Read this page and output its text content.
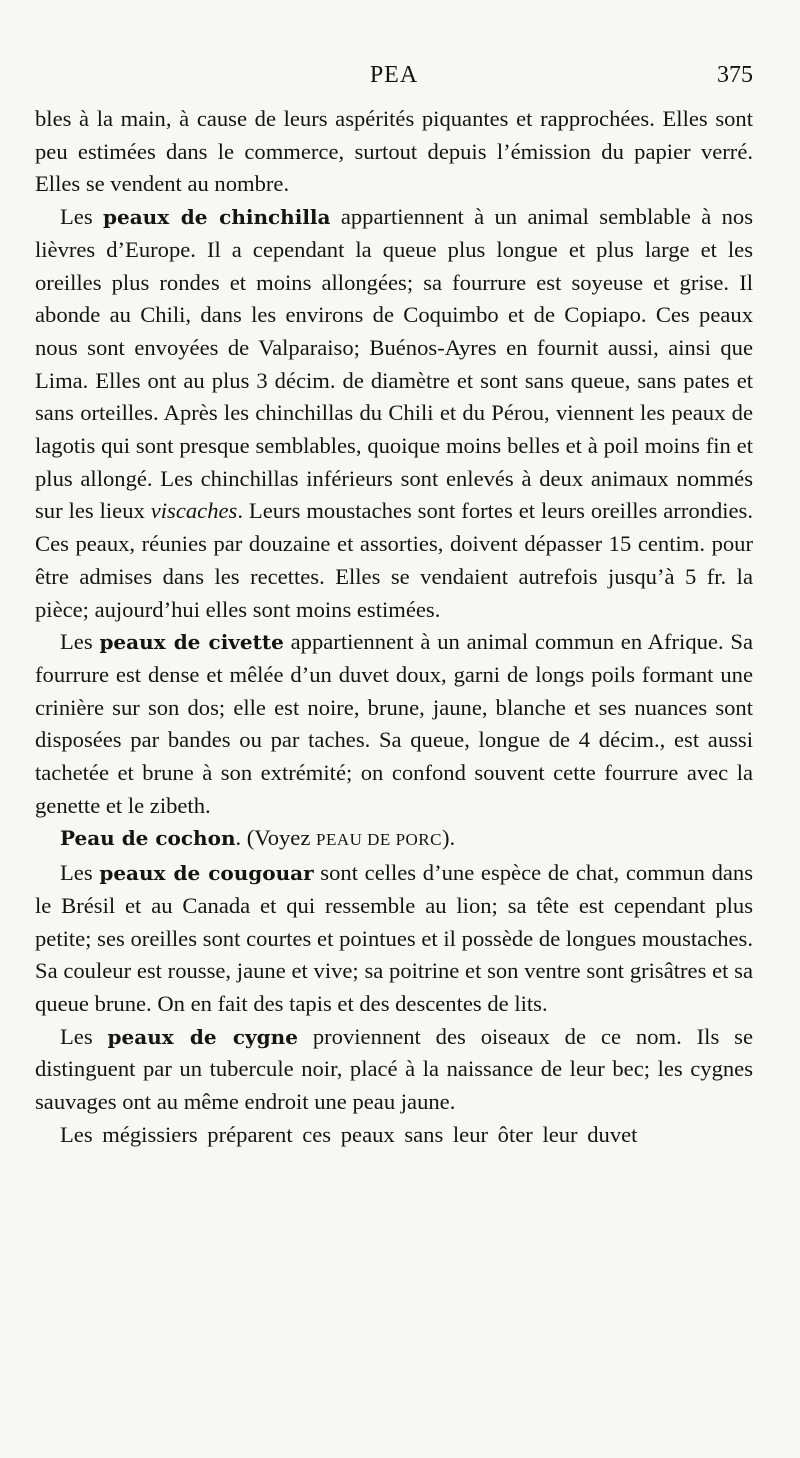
PEA	375

bles à la main, à cause de leurs aspérités piquantes et rapprochées. Elles sont peu estimées dans le commerce, surtout depuis l’émission du papier verré. Elles se vendent au nombre.

Les peaux de chinchilla appartiennent à un animal semblable à nos lièvres d’Europe. Il a cependant la queue plus longue et plus large et les oreilles plus rondes et moins allongées; sa fourrure est soyeuse et grise. Il abonde au Chili, dans les environs de Coquimbo et de Copiapo. Ces peaux nous sont envoyées de Valparaiso; Buénos-Ayres en fournit aussi, ainsi que Lima. Elles ont au plus 3 décim. de diamètre et sont sans queue, sans pates et sans orteilles. Après les chinchillas du Chili et du Pérou, viennent les peaux de lagotis qui sont presque semblables, quoique moins belles et à poil moins fin et plus allongé. Les chinchillas inférieurs sont enlevés à deux animaux nommés sur les lieux viscaches. Leurs moustaches sont fortes et leurs oreilles arrondies. Ces peaux, réunies par douzaine et assorties, doivent dépasser 15 centim. pour être admises dans les recettes. Elles se vendaient autrefois jusqu’à 5 fr. la pièce; aujourd’hui elles sont moins estimées.

Les peaux de civette appartiennent à un animal commun en Afrique. Sa fourrure est dense et mêlée d’un duvet doux, garni de longs poils formant une crinière sur son dos; elle est noire, brune, jaune, blanche et ses nuances sont disposées par bandes ou par taches. Sa queue, longue de 4 décim., est aussi tachetée et brune à son extrémité; on confond souvent cette fourrure avec la genette et le zibeth.

Peau de cochon. (Voyez PEAU DE PORC).

Les peaux de cougouar sont celles d’une espèce de chat, commun dans le Brésil et au Canada et qui ressemble au lion; sa tête est cependant plus petite; ses oreilles sont courtes et pointues et il possède de longues moustaches. Sa couleur est rousse, jaune et vive; sa poitrine et son ventre sont grisâtres et sa queue brune. On en fait des tapis et des descentes de lits.

Les peaux de cygne proviennent des oiseaux de ce nom. Ils se distinguent par un tubercule noir, placé à la naissance de leur bec; les cygnes sauvages ont au même endroit une peau jaune.

Les mégissiers préparent ces peaux sans leur ôter leur duvet
